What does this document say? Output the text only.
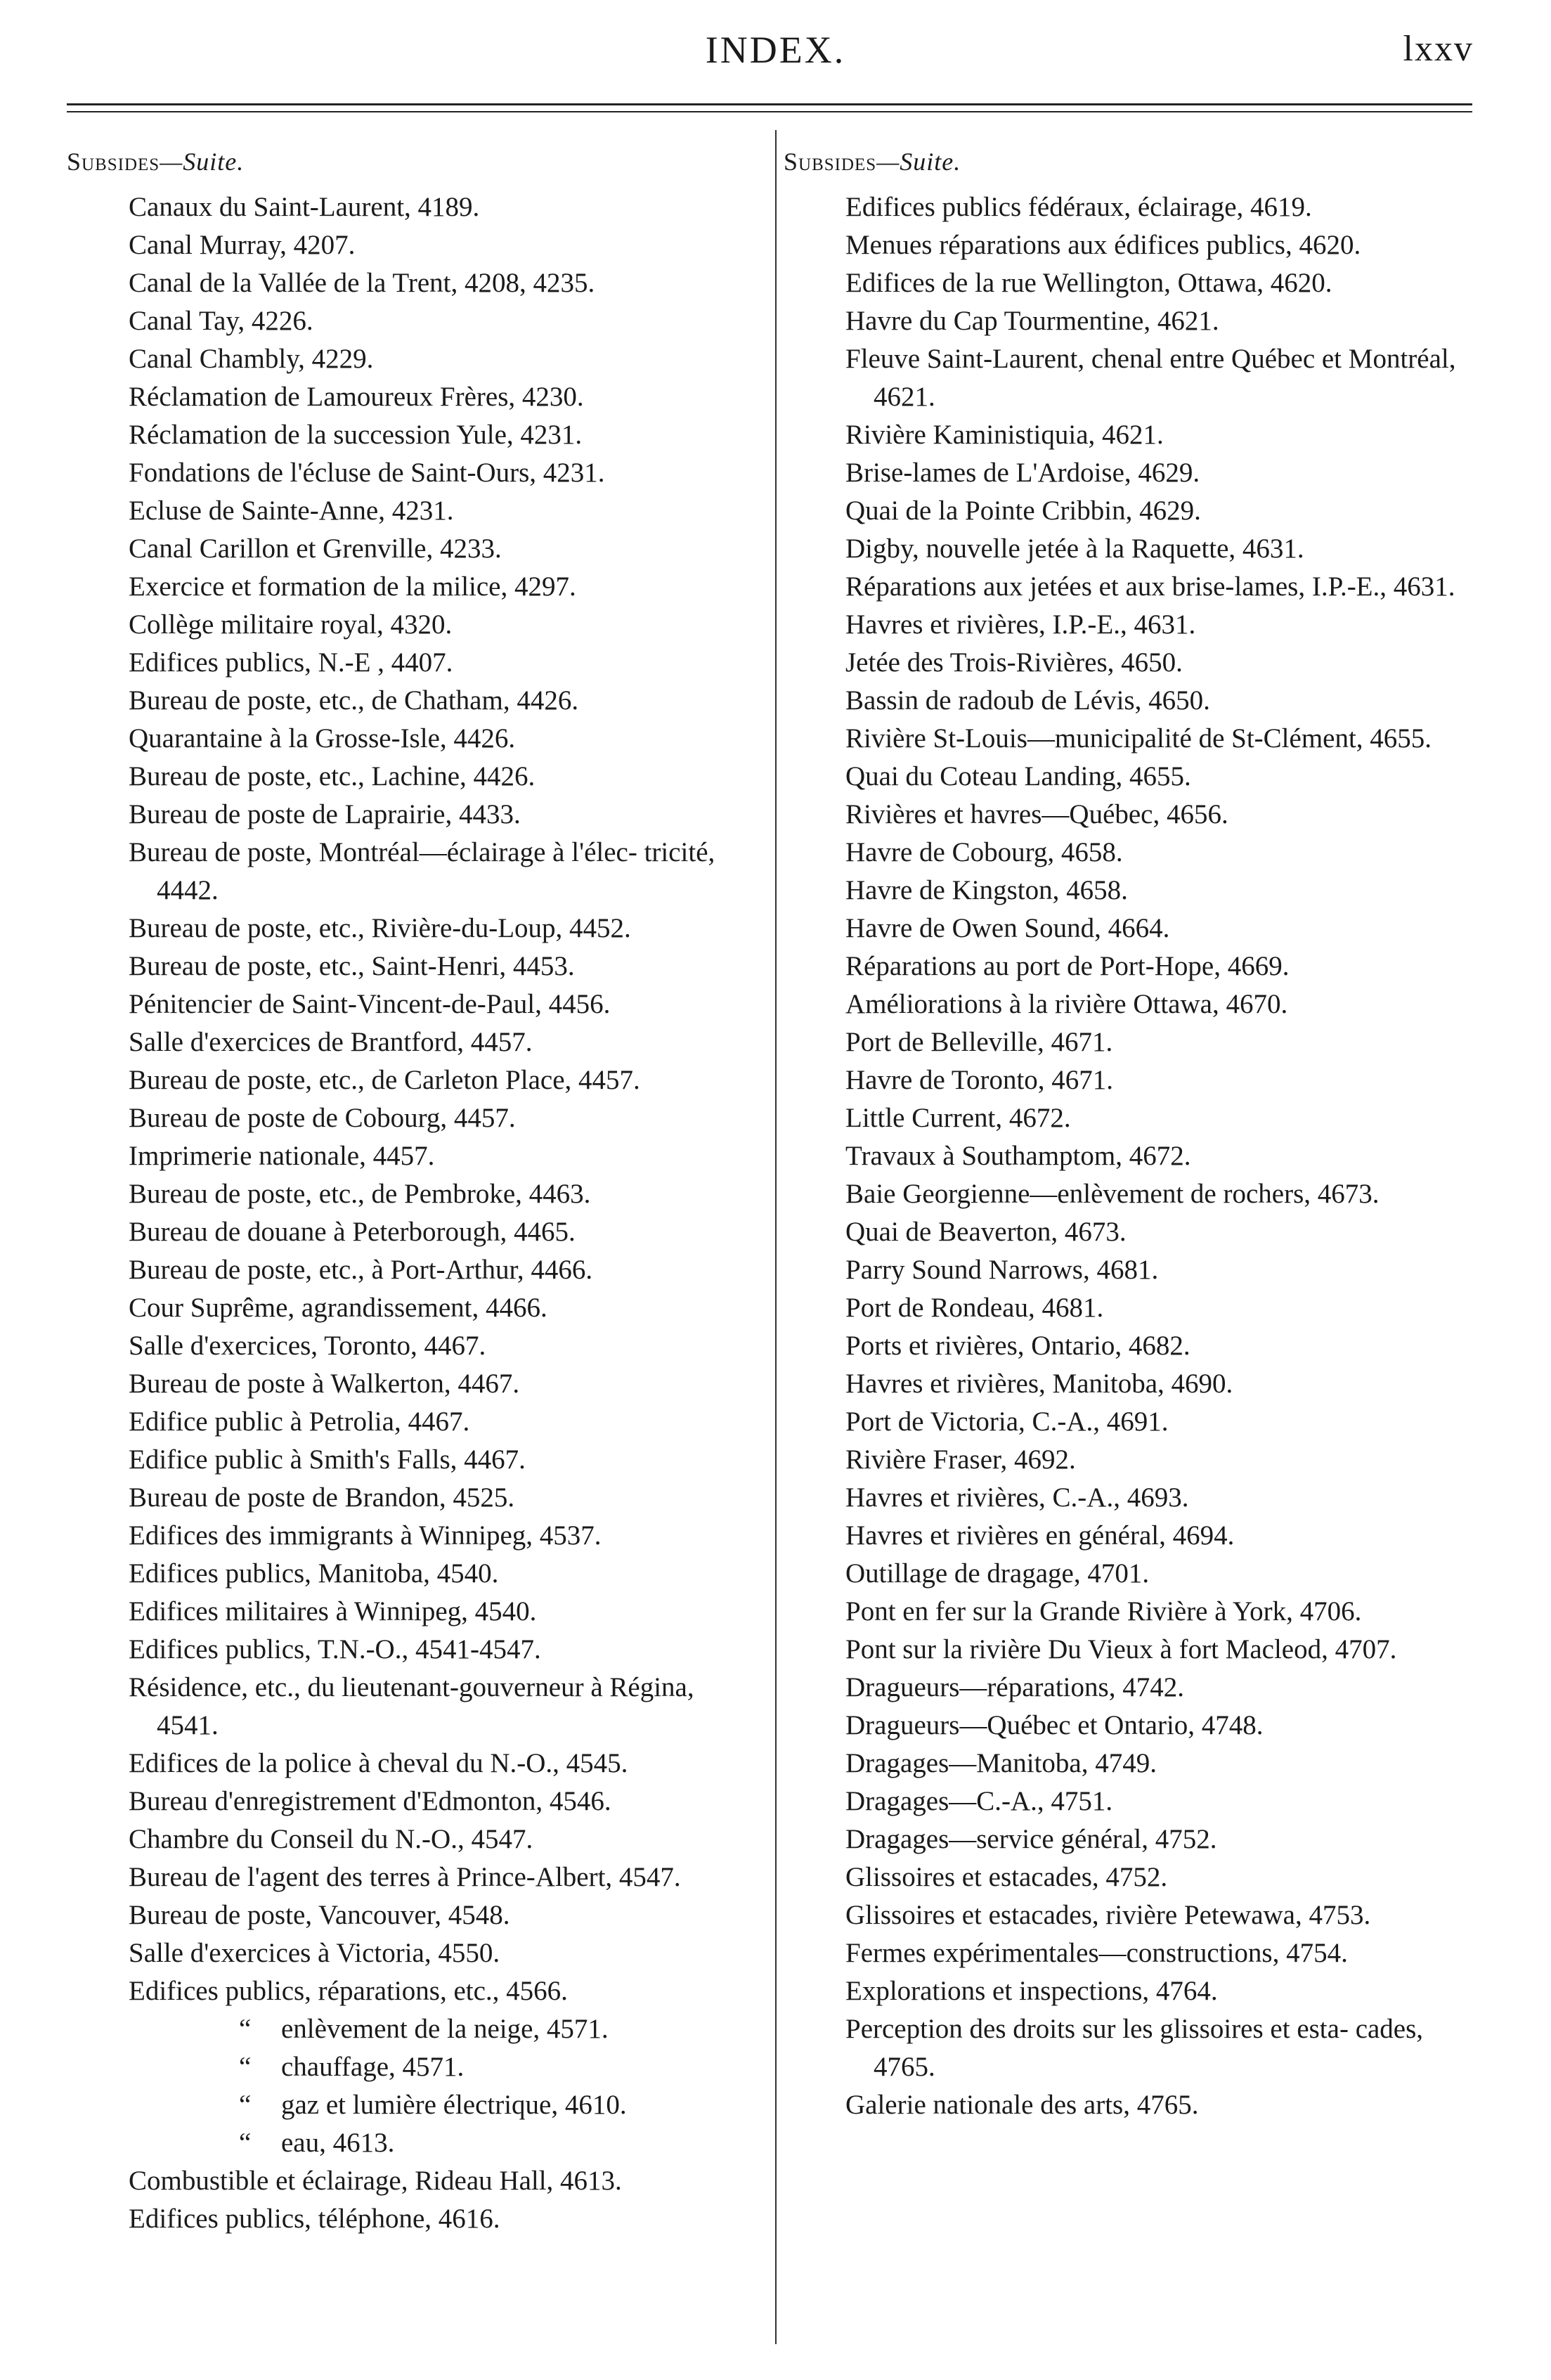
INDEX.	lxxv
Subsides—Suite.
Canaux du Saint-Laurent, 4189.
Canal Murray, 4207.
Canal de la Vallée de la Trent, 4208, 4235.
Canal Tay, 4226.
Canal Chambly, 4229.
Réclamation de Lamoureux Frères, 4230.
Réclamation de la succession Yule, 4231.
Fondations de l'écluse de Saint-Ours, 4231.
Ecluse de Sainte-Anne, 4231.
Canal Carillon et Grenville, 4233.
Exercice et formation de la milice, 4297.
Collège militaire royal, 4320.
Edifices publics, N.-E , 4407.
Bureau de poste, etc., de Chatham, 4426.
Quarantaine à la Grosse-Isle, 4426.
Bureau de poste, etc., Lachine, 4426.
Bureau de poste de Laprairie, 4433.
Bureau de poste, Montréal—éclairage à l'élec- tricité, 4442.
Bureau de poste, etc., Rivière-du-Loup, 4452.
Bureau de poste, etc., Saint-Henri, 4453.
Pénitencier de Saint-Vincent-de-Paul, 4456.
Salle d'exercices de Brantford, 4457.
Bureau de poste, etc., de Carleton Place, 4457.
Bureau de poste de Cobourg, 4457.
Imprimerie nationale, 4457.
Bureau de poste, etc., de Pembroke, 4463.
Bureau de douane à Peterborough, 4465.
Bureau de poste, etc., à Port-Arthur, 4466.
Cour Suprême, agrandissement, 4466.
Salle d'exercices, Toronto, 4467.
Bureau de poste à Walkerton, 4467.
Edifice public à Petrolia, 4467.
Edifice public à Smith's Falls, 4467.
Bureau de poste de Brandon, 4525.
Edifices des immigrants à Winnipeg, 4537.
Edifices publics, Manitoba, 4540.
Edifices militaires à Winnipeg, 4540.
Edifices publics, T.N.-O., 4541-4547.
Résidence, etc., du lieutenant-gouverneur à Régina, 4541.
Edifices de la police à cheval du N.-O., 4545.
Bureau d'enregistrement d'Edmonton, 4546.
Chambre du Conseil du N.-O., 4547.
Bureau de l'agent des terres à Prince-Albert, 4547.
Bureau de poste, Vancouver, 4548.
Salle d'exercices à Victoria, 4550.
Edifices publics, réparations, etc., 4566.
“ enlèvement de la neige, 4571.
“ chauffage, 4571.
“ gaz et lumière électrique, 4610.
“ eau, 4613.
Combustible et éclairage, Rideau Hall, 4613.
Edifices publics, téléphone, 4616.
Subsides—Suite.
Edifices publics fédéraux, éclairage, 4619.
Menues réparations aux édifices publics, 4620.
Edifices de la rue Wellington, Ottawa, 4620.
Havre du Cap Tourmentine, 4621.
Fleuve Saint-Laurent, chenal entre Québec et Montréal, 4621.
Rivière Kaministiquia, 4621.
Brise-lames de L'Ardoise, 4629.
Quai de la Pointe Cribbin, 4629.
Digby, nouvelle jetée à la Raquette, 4631.
Réparations aux jetées et aux brise-lames, I.P.-E., 4631.
Havres et rivières, I.P.-E., 4631.
Jetée des Trois-Rivières, 4650.
Bassin de radoub de Lévis, 4650.
Rivière St-Louis—municipalité de St-Clément, 4655.
Quai du Coteau Landing, 4655.
Rivières et havres—Québec, 4656.
Havre de Cobourg, 4658.
Havre de Kingston, 4658.
Havre de Owen Sound, 4664.
Réparations au port de Port-Hope, 4669.
Améliorations à la rivière Ottawa, 4670.
Port de Belleville, 4671.
Havre de Toronto, 4671.
Little Current, 4672.
Travaux à Southamptom, 4672.
Baie Georgienne—enlèvement de rochers, 4673.
Quai de Beaverton, 4673.
Parry Sound Narrows, 4681.
Port de Rondeau, 4681.
Ports et rivières, Ontario, 4682.
Havres et rivières, Manitoba, 4690.
Port de Victoria, C.-A., 4691.
Rivière Fraser, 4692.
Havres et rivières, C.-A., 4693.
Havres et rivières en général, 4694.
Outillage de dragage, 4701.
Pont en fer sur la Grande Rivière à York, 4706.
Pont sur la rivière Du Vieux à fort Macleod, 4707.
Dragueurs—réparations, 4742.
Dragueurs—Québec et Ontario, 4748.
Dragages—Manitoba, 4749.
Dragages—C.-A., 4751.
Dragages—service général, 4752.
Glissoires et estacades, 4752.
Glissoires et estacades, rivière Petewawa, 4753.
Fermes expérimentales—constructions, 4754.
Explorations et inspections, 4764.
Perception des droits sur les glissoires et esta- cades, 4765.
Galerie nationale des arts, 4765.
